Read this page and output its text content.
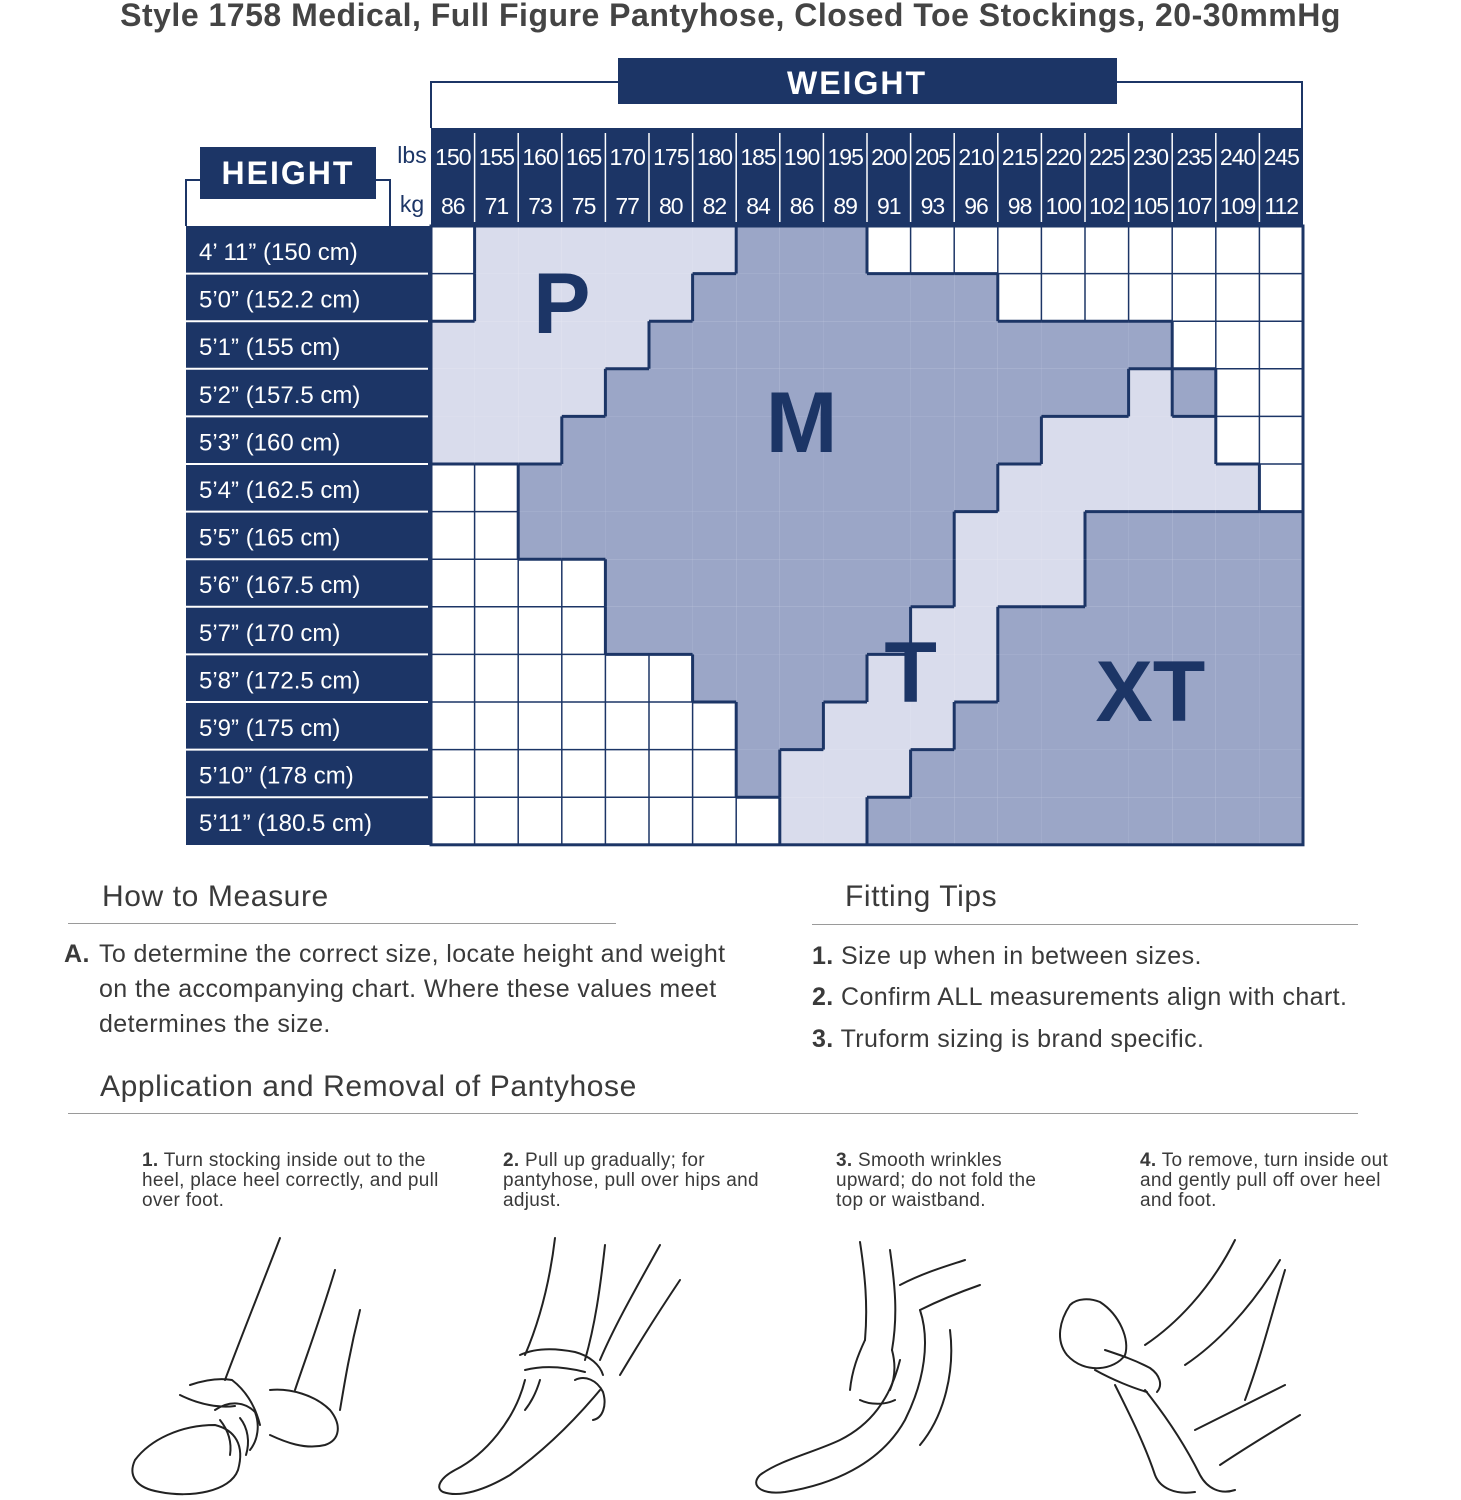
Style 1758 Medical, Full Figure Pantyhose, Closed Toe Stockings, 20-30mmHg
WEIGHT
HEIGHT lbs
kg
150
86
155
71
160
73
165
75
170
77
175
80
180
82
185
84
190
86
195
89
200
91
205
93
210
96
215
98
220
100
225
102
230
105
235
107
240
109
245
112
4’ 11” (150 cm)
5’0” (152.2 cm)
5’1” (155 cm)
5’2” (157.5 cm)
5’3” (160 cm)
5’4” (162.5 cm)
5’5” (165 cm)
5’6” (167.5 cm)
5’7” (170 cm)
5’8” (172.5 cm)
5’9” (175 cm)
5’10” (178 cm)
5’11” (180.5 cm)
P
M
T XT
How to Measure
A. To determine the correct size, locate height and weight on the accompanying chart. Where these values meet determines the size.
Fitting Tips
1. Size up when in between sizes.
2. Confirm ALL measurements align with chart.
3. Truform sizing is brand specific.
Application and Removal of Pantyhose
1. Turn stocking inside out to the heel, place heel correctly, and pull over foot.
2. Pull up gradually; for pantyhose, pull over hips and adjust.
3. Smooth wrinkles upward; do not fold the top or waistband.
4. To remove, turn inside out and gently pull off over heel and foot.
